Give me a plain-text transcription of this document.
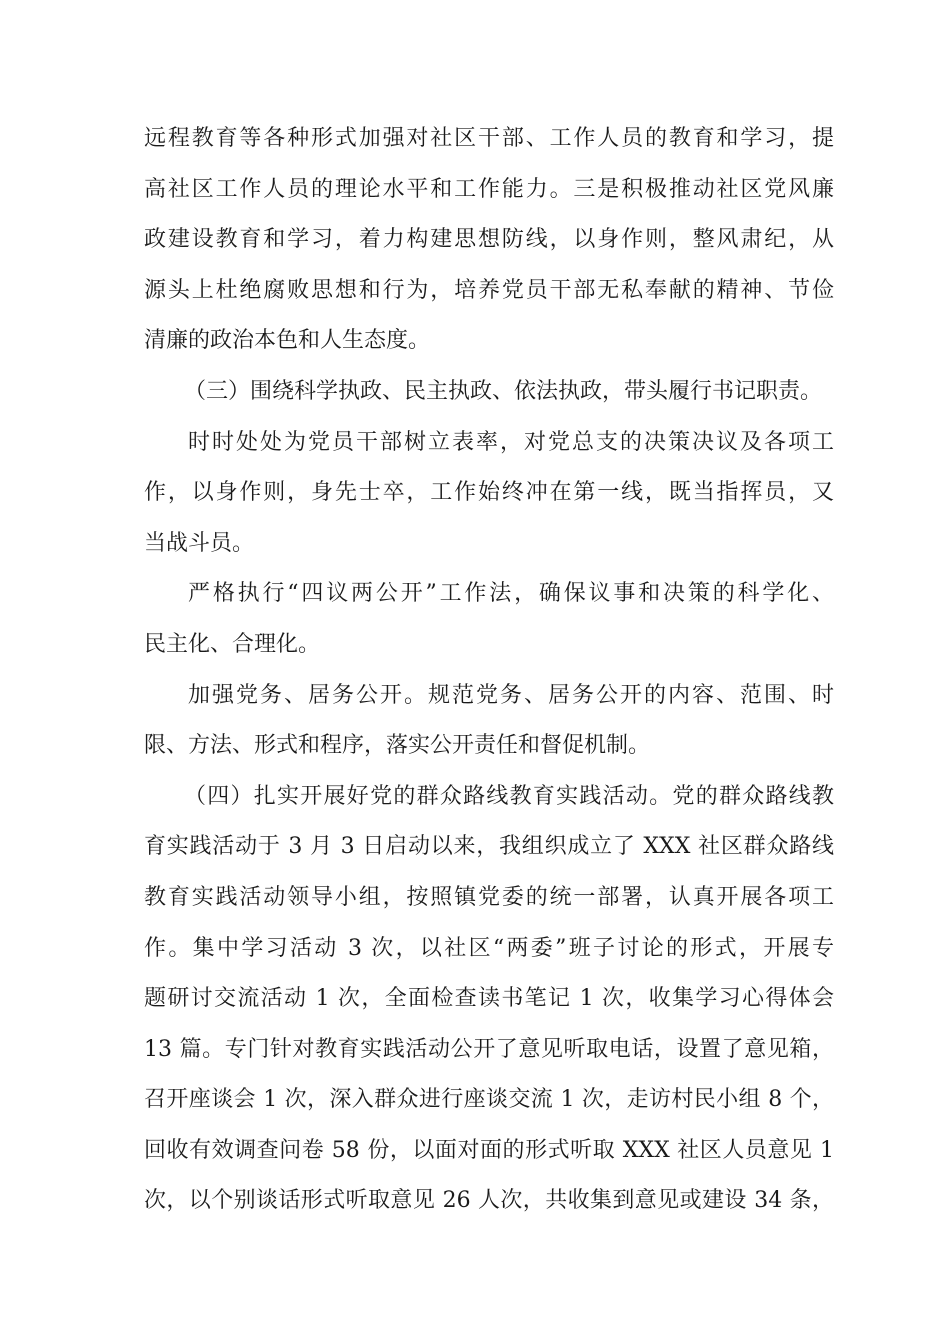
远程教育等各种形式加强对社区干部、工作人员的教育和学习，提
高社区工作人员的理论水平和工作能力。三是积极推动社区党风廉
政建设教育和学习，着力构建思想防线，以身作则，整风肃纪，从
源头上杜绝腐败思想和行为，培养党员干部无私奉献的精神、节俭
清廉的政治本色和人生态度。
（三）围绕科学执政、民主执政、依法执政，带头履行书记职责。
时时处处为党员干部树立表率，对党总支的决策决议及各项工
作，以身作则，身先士卒，工作始终冲在第一线，既当指挥员，又
当战斗员。
严格执行“四议两公开”工作法，确保议事和决策的科学化、
民主化、合理化。
加强党务、居务公开。规范党务、居务公开的内容、范围、时
限、方法、形式和程序，落实公开责任和督促机制。
（四）扎实开展好党的群众路线教育实践活动。党的群众路线教
育实践活动于 3 月 3 日启动以来，我组织成立了 XXX 社区群众路线
教育实践活动领导小组，按照镇党委的统一部署，认真开展各项工
作。集中学习活动 3 次，以社区“两委”班子讨论的形式，开展专
题研讨交流活动 1 次，全面检查读书笔记 1 次，收集学习心得体会
13 篇。专门针对教育实践活动公开了意见听取电话，设置了意见箱，
召开座谈会 1 次，深入群众进行座谈交流 1 次，走访村民小组 8 个，
回收有效调查问卷 58 份，以面对面的形式听取 XXX 社区人员意见 1
次，以个别谈话形式听取意见 26 人次，共收集到意见或建设 34 条，
